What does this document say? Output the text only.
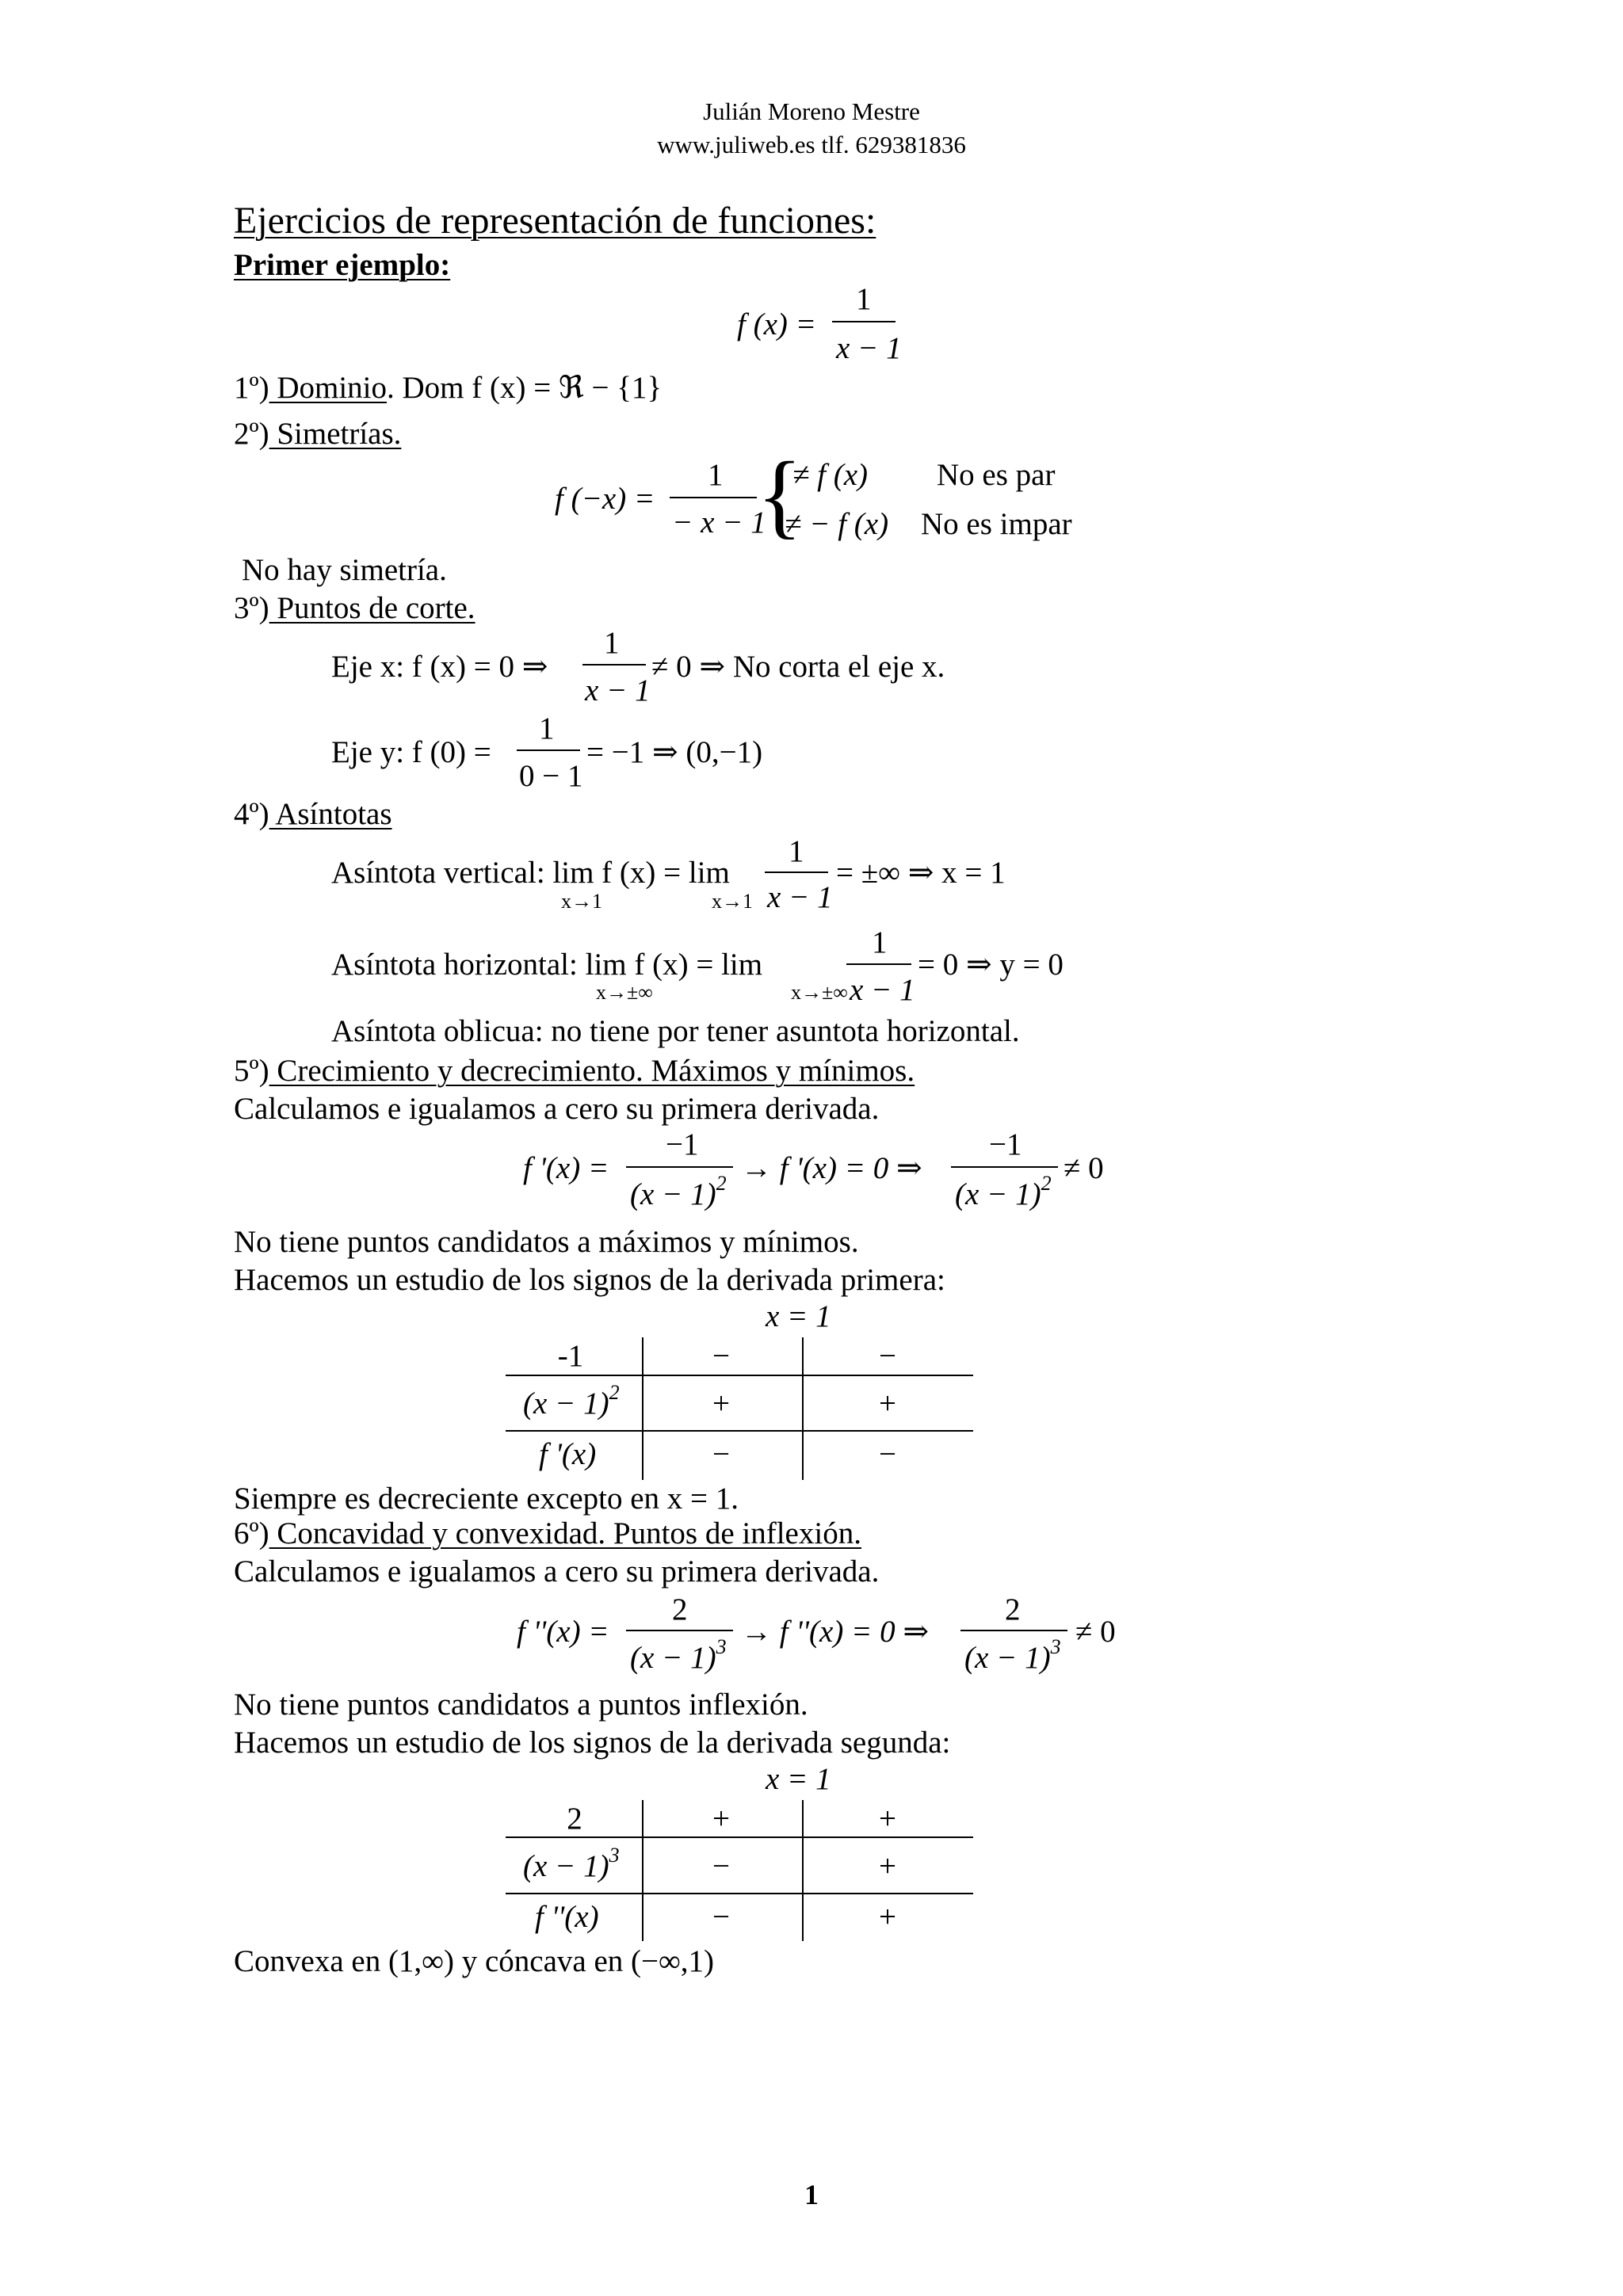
Julián Moreno Mestre
www.juliweb.es tlf. 629381836
Ejercicios de representación de funciones:
Primer ejemplo:
f (x) =
1
x − 1
1º) Dominio. Dom f (x) = ℜ − {1}
2º) Simetrías.
f (−x) =
1
− x − 1
{
≠ f (x)
≠ − f (x)
No es par
No es impar
No hay simetría.
3º) Puntos de corte.
Eje x: f (x) = 0 ⇒
1
x − 1
≠ 0 ⇒ No corta el eje x.
Eje y: f (0) =
1
0 − 1
= −1 ⇒ (0,−1)
4º) Asíntotas
Asíntota vertical: lim f (x) = lim
x→1	x→1
1
x − 1
= ±∞ ⇒ x = 1
Asíntota horizontal: lim f (x) = lim
x→±∞	x→±∞
1
x − 1
= 0 ⇒ y = 0
Asíntota oblicua: no tiene por tener asuntota horizontal.
5º) Crecimiento y decrecimiento. Máximos y mínimos.
Calculamos e igualamos a cero su primera derivada.
f '(x) =
−1
$(x - 1)^2 \to f$ '(x) = 0 ⇒
−1
$(x - 1)^2 \ne 0$
No tiene puntos candidatos a máximos y mínimos.
Hacemos un estudio de los signos de la derivada primera:
x = 1
-1	−	−
$(x - 1)^2$	+	+
f '(x)	−	−
Siempre es decreciente excepto en x = 1.
6º) Concavidad y convexidad. Puntos de inflexión.
Calculamos e igualamos a cero su primera derivada.
f ''(x) =
2
$(x - 1)^3 \to f$ ''(x) = 0 ⇒
2
$(x - 1)^3 \ne 0$
No tiene puntos candidatos a puntos inflexión.
Hacemos un estudio de los signos de la derivada segunda:
x = 1
2	+	+
$(x - 1)^3$	−	+
f ''(x)	−	+
Convexa en (1,∞) y cóncava en (−∞,1)
1
